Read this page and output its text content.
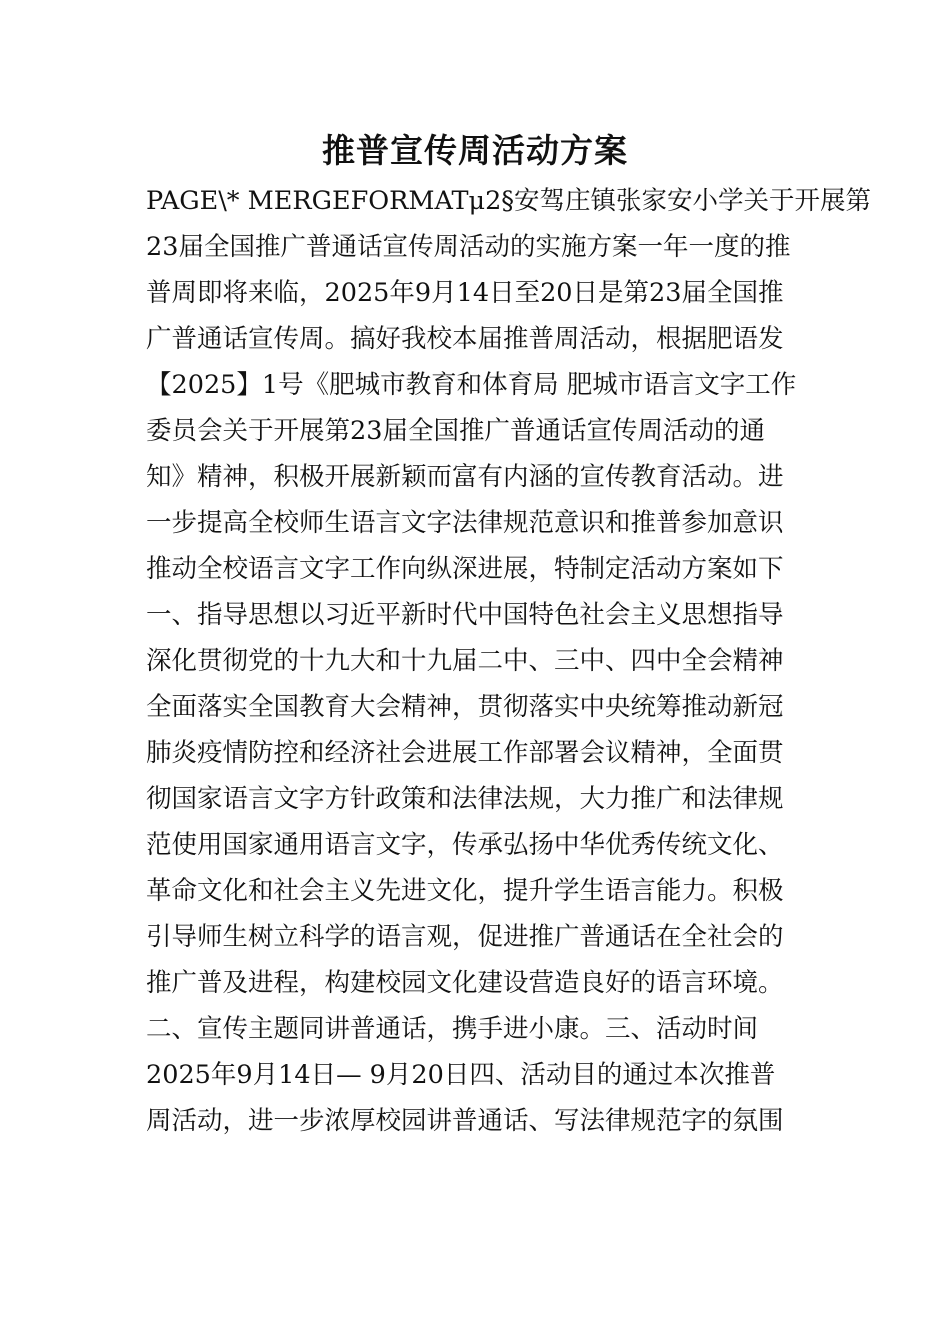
推普宣传周活动方案
PAGE\* MERGEFORMATμ2§安驾庄镇张家安小学关于开展第
23届全国推广普通话宣传周活动的实施方案一年一度的推
普周即将来临，2025年9月14日至20日是第23届全国推
广普通话宣传周。搞好我校本届推普周活动，根据肥语发
【2025】1号《肥城市教育和体育局 肥城市语言文字工作
委员会关于开展第23届全国推广普通话宣传周活动的通
知》精神，积极开展新颖而富有内涵的宣传教育活动。进
一步提高全校师生语言文字法律规范意识和推普参加意识
推动全校语言文字工作向纵深进展，特制定活动方案如下
一、指导思想以习近平新时代中国特色社会主义思想指导
深化贯彻党的十九大和十九届二中、三中、四中全会精神
全面落实全国教育大会精神，贯彻落实中央统筹推动新冠
肺炎疫情防控和经济社会进展工作部署会议精神，全面贯
彻国家语言文字方针政策和法律法规，大力推广和法律规
范使用国家通用语言文字，传承弘扬中华优秀传统文化、
革命文化和社会主义先进文化，提升学生语言能力。积极
引导师生树立科学的语言观，促进推广普通话在全社会的
推广普及进程，构建校园文化建设营造良好的语言环境。
二、宣传主题同讲普通话，携手进小康。三、活动时间
2025年9月14日— 9月20日四、活动目的通过本次推普
周活动，进一步浓厚校园讲普通话、写法律规范字的氛围
